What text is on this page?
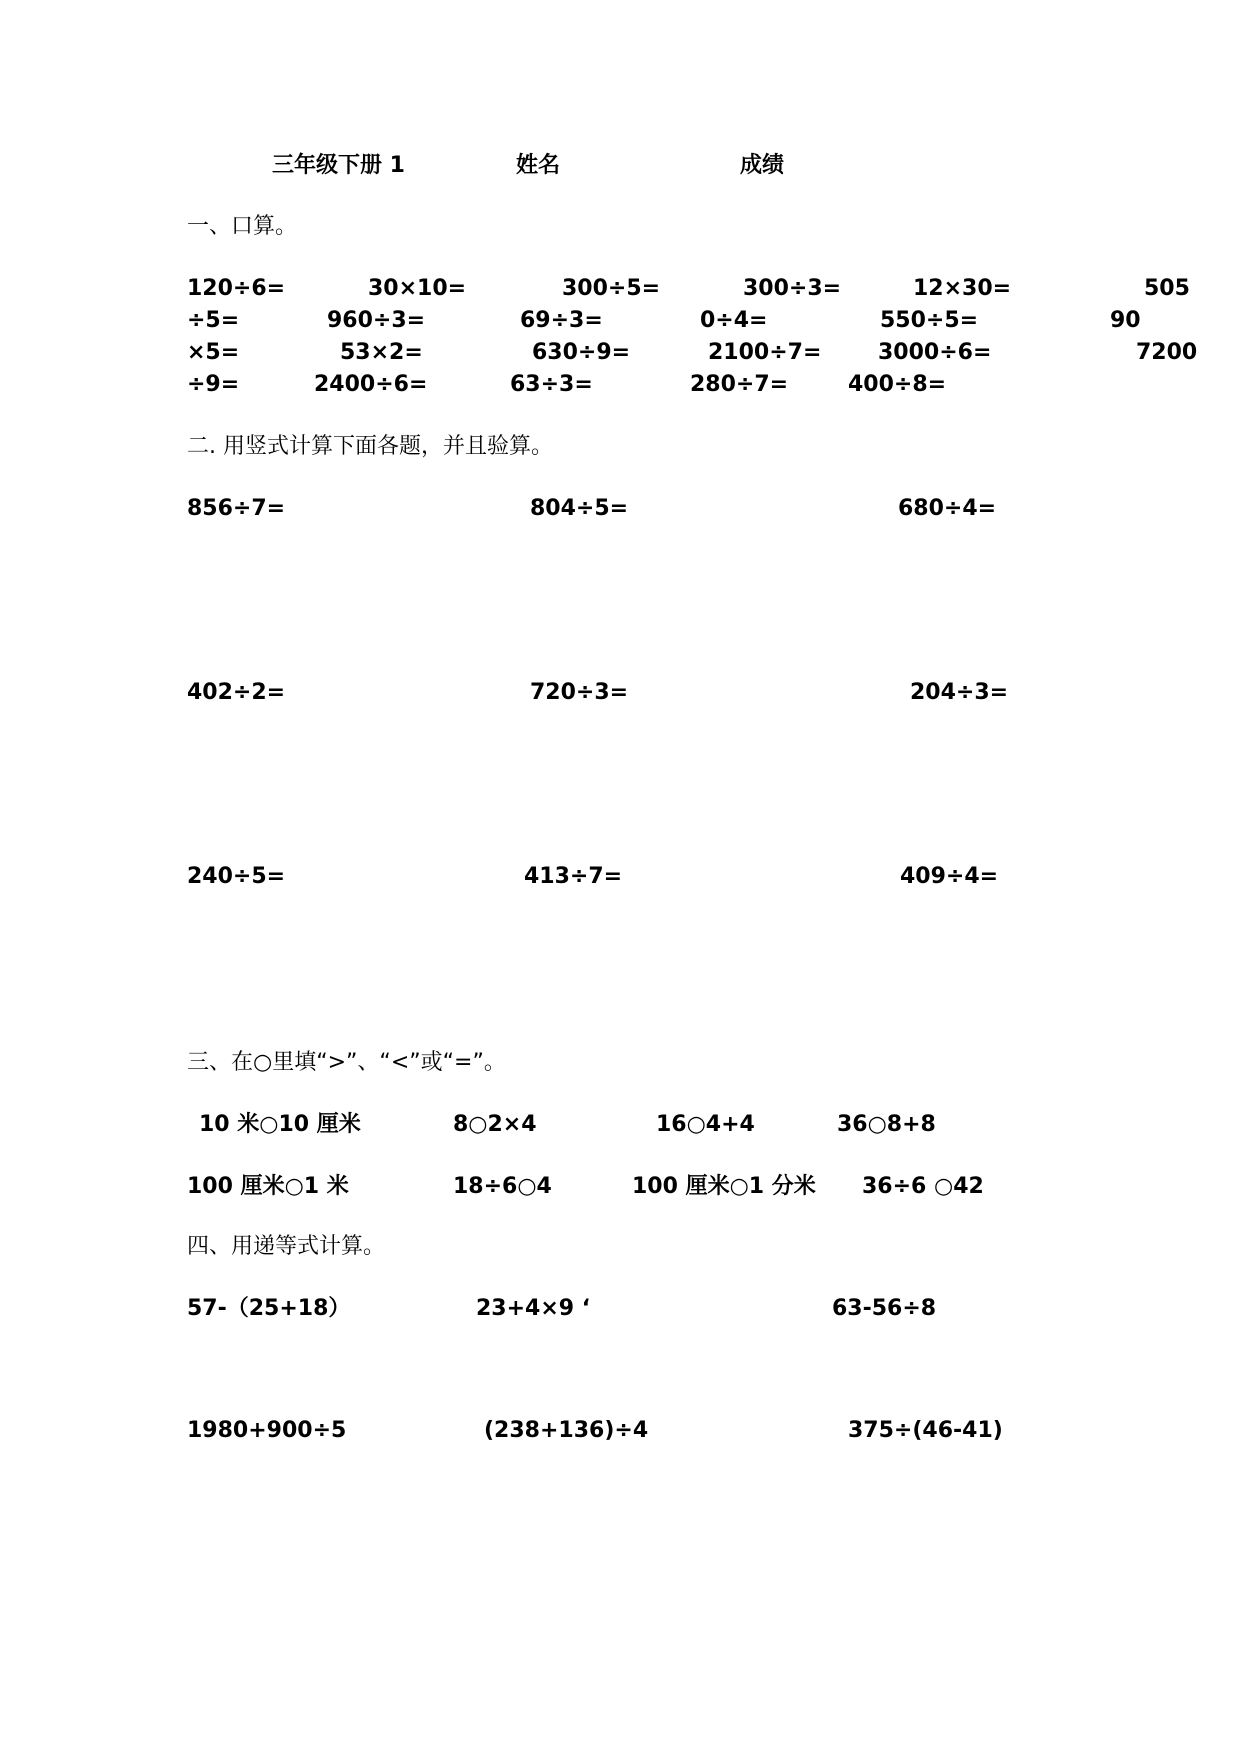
三年级下册 1	姓名	成绩
一、口算。
120÷6=	30×10=	300÷5=	300÷3=	12×30=	505
÷5=	960÷3=	69÷3=	0÷4=	550÷5=	90
×5=	53×2=	630÷9=	2100÷7=	3000÷6=	7200
÷9=	2400÷6=	63÷3=	280÷7=	400÷8=
二. 用竖式计算下面各题，并且验算。
856÷7=	804÷5=	680÷4=
402÷2=	720÷3=	204÷3=
240÷5=	413÷7=	409÷4=
三、在○里填“>”、“<”或“=”。
10 米○10 厘米	8○2×4	16○4+4	36○8+8
100 厘米○1 米	18÷6○4	100 厘米○1 分米 36÷6 ○42
四、用递等式计算。
57-（25+18）	23+4×9 ‘	63-56÷8
1980+900÷5	(238+136)÷4	375÷(46-41)
